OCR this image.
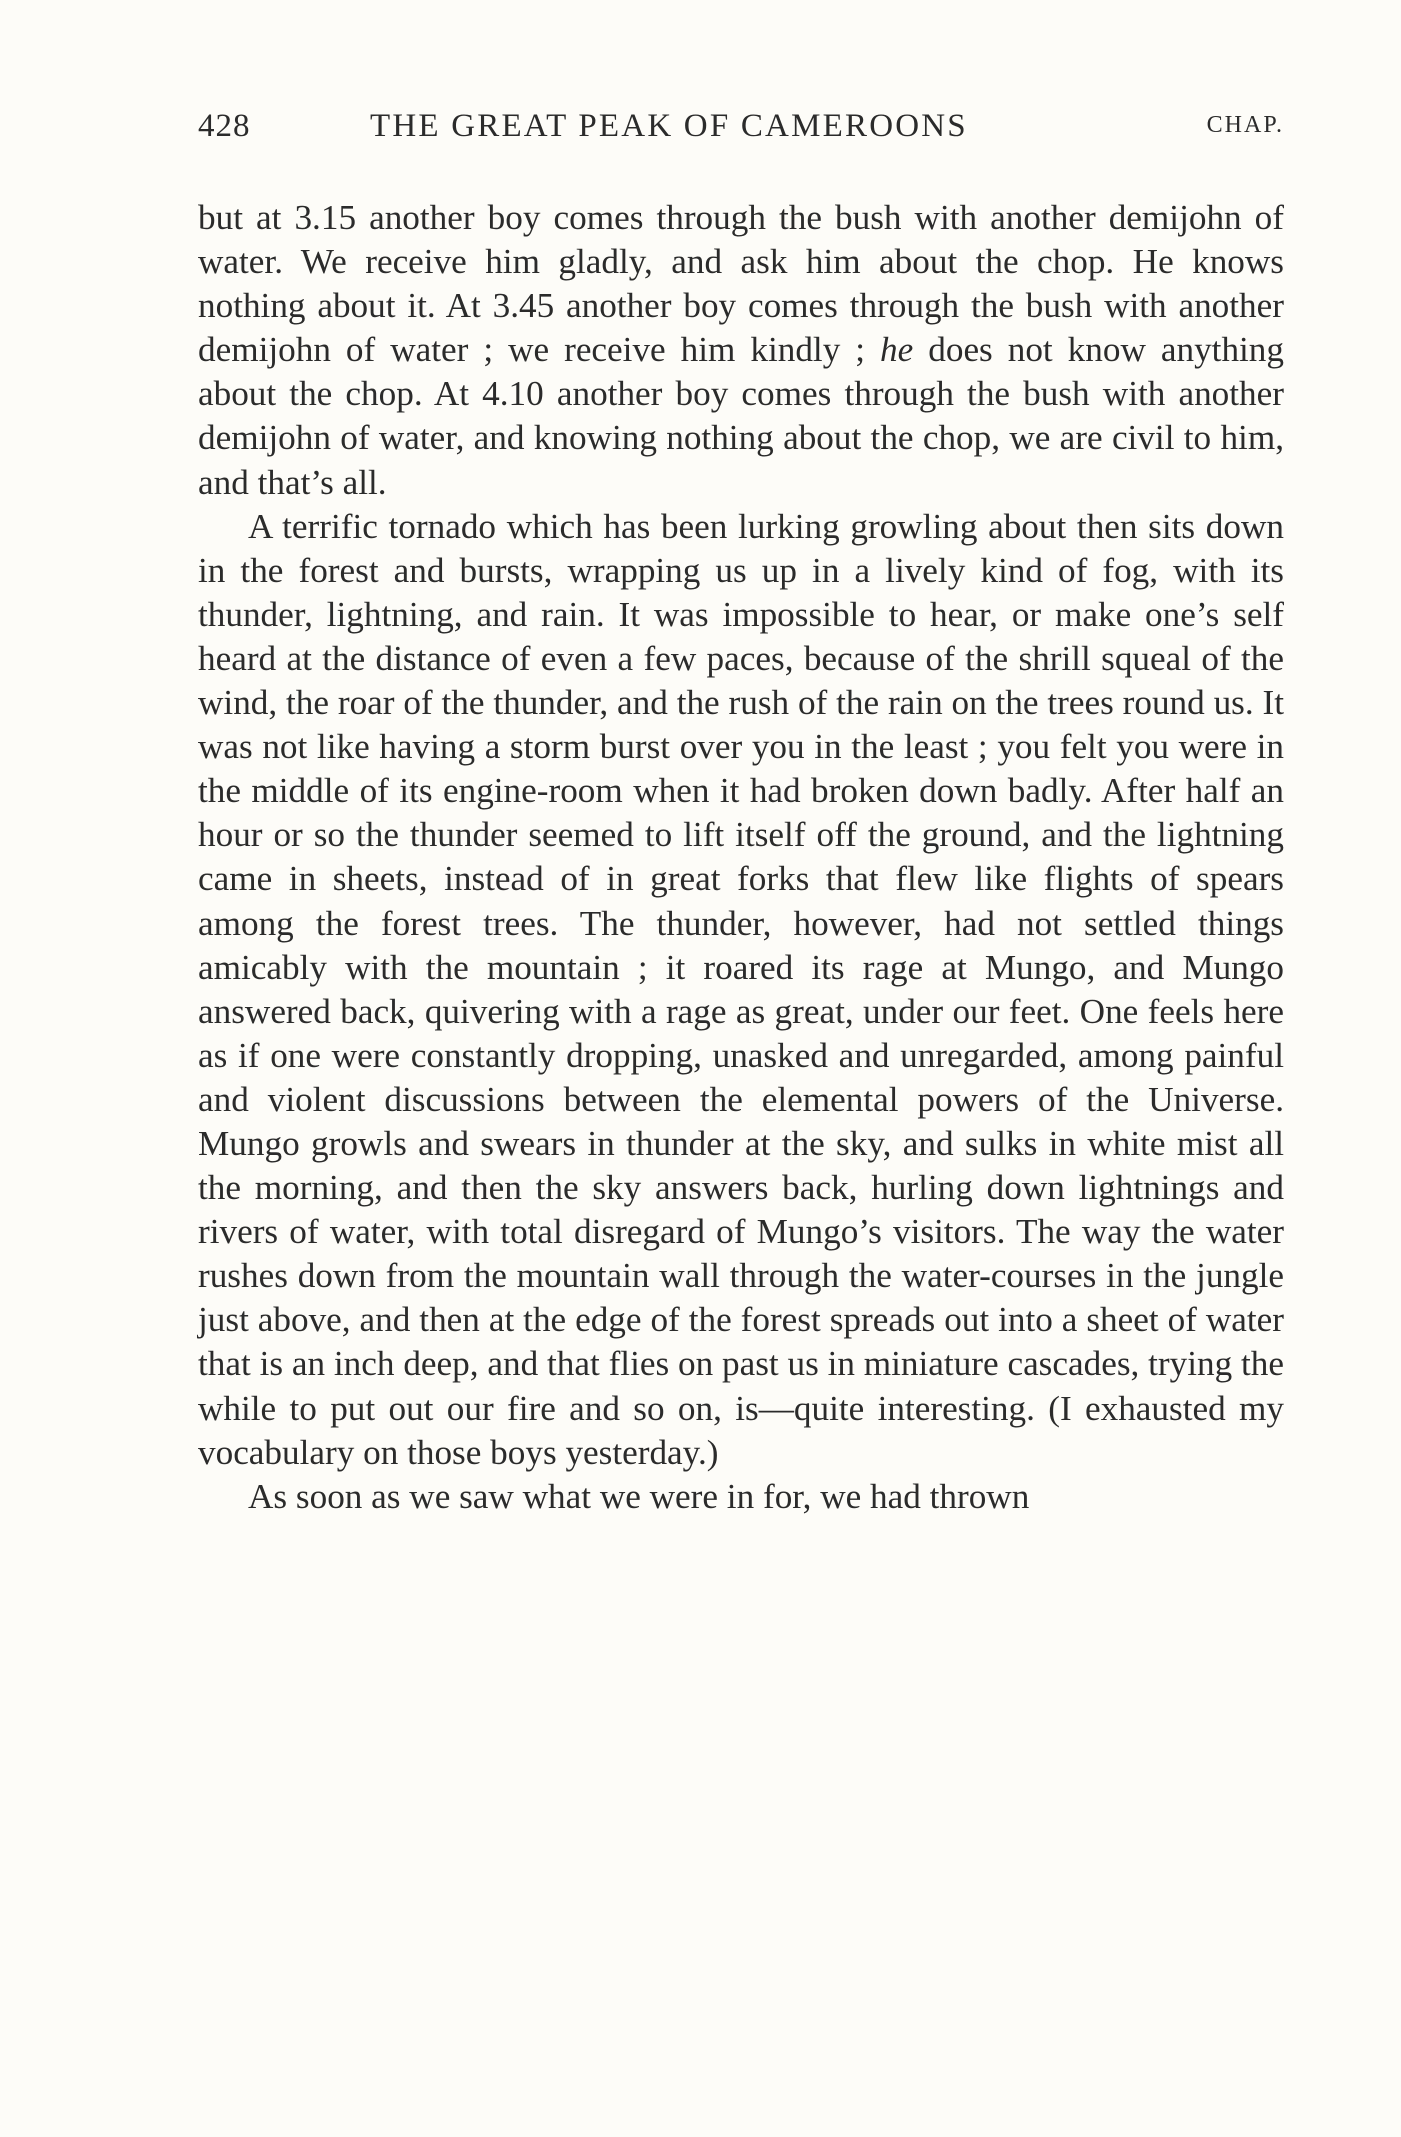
428	THE GREAT PEAK OF CAMEROONS	CHAP.

but at 3.15 another boy comes through the bush with another demijohn of water. We receive him gladly, and ask him about the chop. He knows nothing about it. At 3.45 another boy comes through the bush with another demijohn of water ; we receive him kindly ; he does not know anything about the chop. At 4.10 another boy comes through the bush with another demijohn of water, and knowing nothing about the chop, we are civil to him, and that’s all.

A terrific tornado which has been lurking growling about then sits down in the forest and bursts, wrapping us up in a lively kind of fog, with its thunder, lightning, and rain. It was impossible to hear, or make one’s self heard at the distance of even a few paces, because of the shrill squeal of the wind, the roar of the thunder, and the rush of the rain on the trees round us. It was not like having a storm burst over you in the least ; you felt you were in the middle of its engine-room when it had broken down badly. After half an hour or so the thunder seemed to lift itself off the ground, and the lightning came in sheets, instead of in great forks that flew like flights of spears among the forest trees. The thunder, however, had not settled things amicably with the mountain ; it roared its rage at Mungo, and Mungo answered back, quivering with a rage as great, under our feet. One feels here as if one were constantly dropping, unasked and unregarded, among painful and violent discussions between the elemental powers of the Universe. Mungo growls and swears in thunder at the sky, and sulks in white mist all the morning, and then the sky answers back, hurling down lightnings and rivers of water, with total disregard of Mungo’s visitors. The way the water rushes down from the mountain wall through the water-courses in the jungle just above, and then at the edge of the forest spreads out into a sheet of water that is an inch deep, and that flies on past us in miniature cascades, trying the while to put out our fire and so on, is—quite interesting. (I exhausted my vocabulary on those boys yesterday.)

As soon as we saw what we were in for, we had thrown
